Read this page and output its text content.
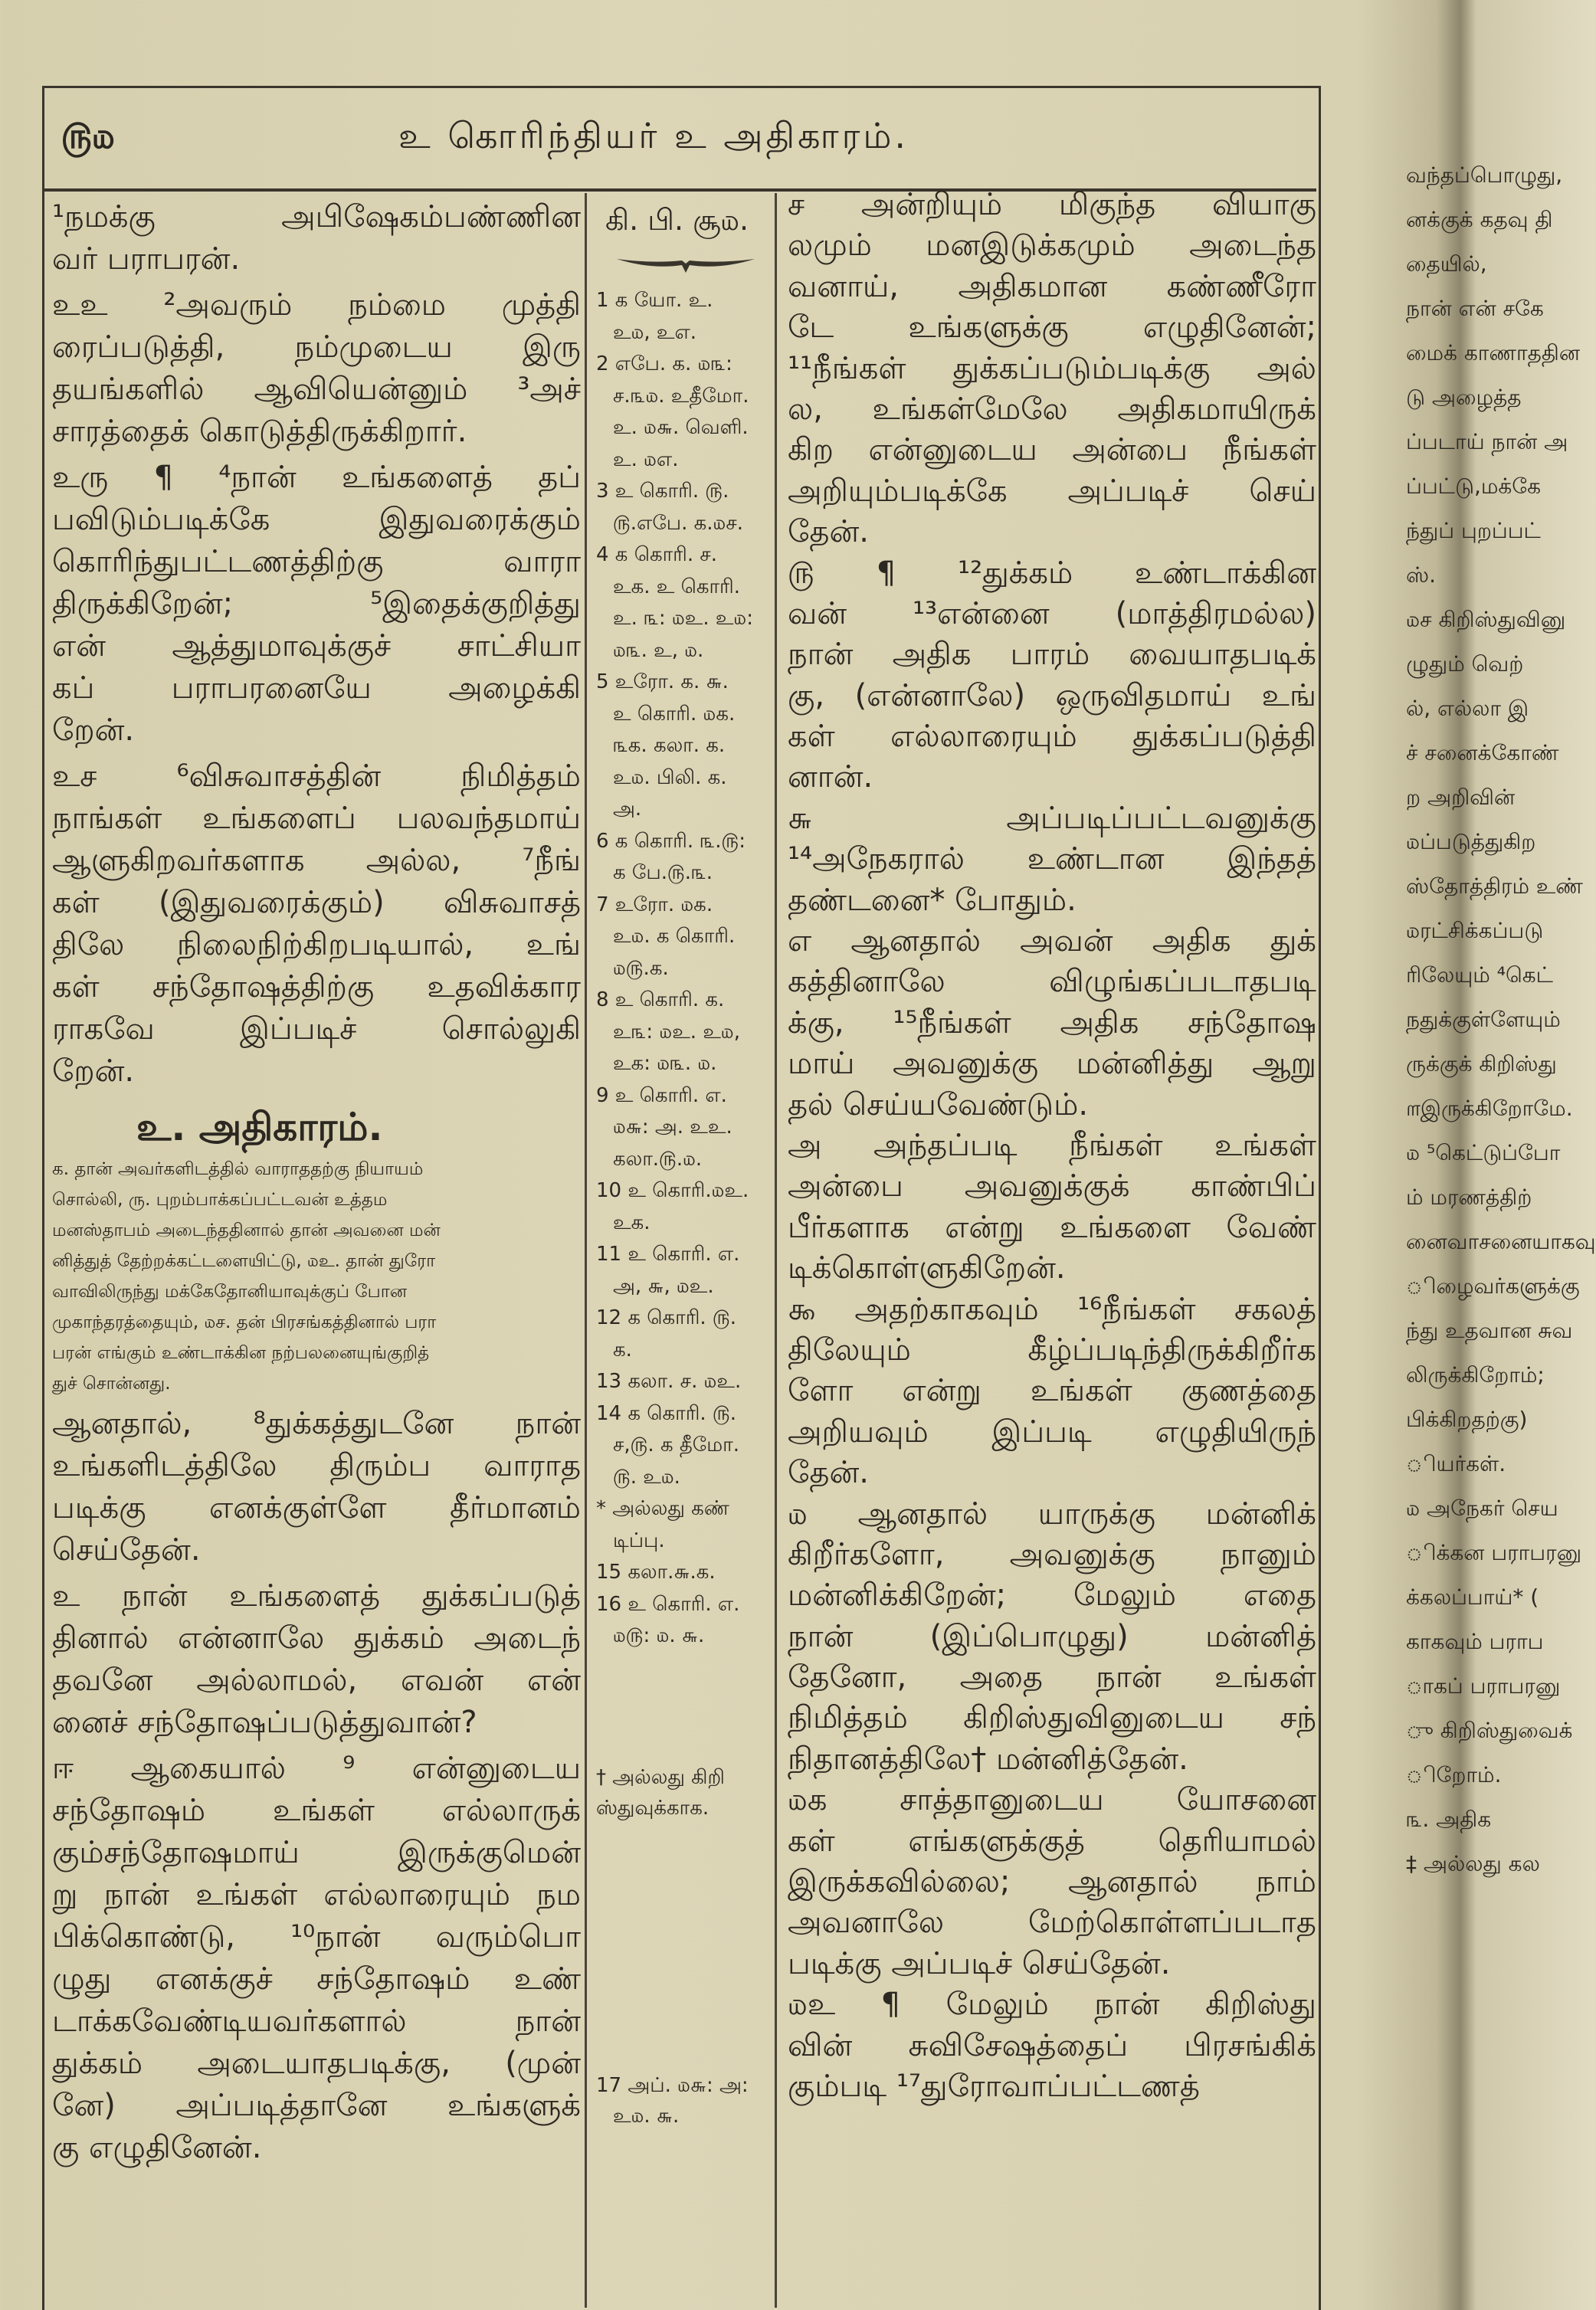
௫௰	உ கொரிந்தியர் உ அதிகாரம்.
¹நமக்கு அபிஷேகம்பண்ணின
வர் பராபரன்.
உஉ ²அவரும் நம்மை முத்தி
ரைப்படுத்தி, நம்முடைய இரு
தயங்களில் ஆவியென்னும் ³அச்
சாரத்தைக் கொடுத்திருக்கிறார்.
உரு ¶ ⁴நான் உங்களைத் தப்
பவிடும்படிக்கே இதுவரைக்கும்
கொரிந்துபட்டணத்திற்கு வாரா
திருக்கிறேன்; ⁵இதைக்குறித்து
என் ஆத்துமாவுக்குச் சாட்சியா
கப் பராபரனையே அழைக்கி
றேன்.
உச ⁶விசுவாசத்தின் நிமித்தம்
நாங்கள் உங்களைப் பலவந்தமாய்
ஆளுகிறவர்களாக அல்ல, ⁷நீங்
கள் (இதுவரைக்கும்) விசுவாசத்
திலே நிலைநிற்கிறபடியால், உங்
கள் சந்தோஷத்திற்கு உதவிக்கார
ராகவே இப்படிச் சொல்லுகி
றேன்.
உ. அதிகாரம்.
க. தான் அவர்களிடத்தில் வாராததற்கு நியாயம்
சொல்லி, ரு. புறம்பாக்கப்பட்டவன் உத்தம
மனஸ்தாபம் அடைந்ததினால் தான் அவனை மன்
னித்துத் தேற்றக்கட்டளையிட்டு, ௰உ. தான் துரோ
வாவிலிருந்து மக்கேதோனியாவுக்குப் போன
முகாந்தரத்தையும், ௰ச. தன் பிரசங்கத்தினால் பரா
பரன் எங்கும் உண்டாக்கின நற்பலனையுங்குறித்
துச் சொன்னது.
ஆனதால், ⁸துக்கத்துடனே நான்
உங்களிடத்திலே திரும்ப வாராத
படிக்கு எனக்குள்ளே தீர்மானம்
செய்தேன்.
உ நான் உங்களைத் துக்கப்படுத்
தினால் என்னாலே துக்கம் அடைந்
தவனே அல்லாமல், எவன் என்
னைச் சந்தோஷப்படுத்துவான்?
ஈ ஆகையால் ⁹ என்னுடைய
சந்தோஷம் உங்கள் எல்லாருக்
கும்சந்தோஷமாய் இருக்குமென்
று நான் உங்கள் எல்லாரையும் நம
பிக்கொண்டு, ¹⁰நான் வரும்பொ
ழுது எனக்குச் சந்தோஷம் உண்
டாக்கவேண்டியவர்களால் நான்
துக்கம் அடையாதபடிக்கு, (முன்
னே) அப்படித்தானே உங்களுக்
கு எழுதினேன்.
கி. பி. சூ௰.
1 க யோ. உ.
உ௰, உஎ.
2 எபே. க. ௰௩:
ச.௩௰. உதீமோ.
உ. ௰௬. வெளி.
உ. ௰எ.
3 உ கொரி. ௫.
௫.எபே. க.௰ச.
4 க கொரி. ச.
உக. உ கொரி.
உ. ௩: ௰உ. உ௰:
௰௩. உ, ௰.
5 உரோ. க. ௬.
உ கொரி. ௰க.
௩க. கலா. க.
உ௰. பிலி. க.
அ.
6 க கொரி. ௩.௫:
க பே.௫.௩.
7 உரோ. ௰க.
உ௰. க கொரி.
௰௫.க.
8 உ கொரி. க.
உ௩: ௰உ. உ௰,
உக: ௰௩. ௰.
9 உ கொரி. எ.
௰௬: அ. உஉ.
கலா.௫.௰.
10 உ கொரி.௰உ.
உக.
11 உ கொரி. எ.
அ, ௬, ௰உ.
12 க கொரி. ௫.
க.
13 கலா. ச. ௰உ.
14 க கொரி. ௫.
ச,௫. க தீமோ.
௫. உ௰.
* அல்லது கண்
டிப்பு.
15 கலா.௬.க.
16 உ கொரி. எ.
௰௫: ௰. ௬.
† அல்லது கிறி
ஸ்துவுக்காக.
17 அப். ௰௬: அ:
உ௰. ௬.
ச அன்றியும் மிகுந்த வியாகு
லமும் மனஇடுக்கமும் அடைந்த
வனாய், அதிகமான கண்ணீரோ
டே உங்களுக்கு எழுதினேன்;
¹¹நீங்கள் துக்கப்படும்படிக்கு அல்
ல, உங்கள்மேலே அதிகமாயிருக்
கிற என்னுடைய அன்பை நீங்கள்
அறியும்படிக்கே அப்படிச் செய்
தேன்.
௫ ¶ ¹²துக்கம் உண்டாக்கின
வன் ¹³என்னை (மாத்திரமல்ல)
நான் அதிக பாரம் வையாதபடிக்
கு, (என்னாலே) ஒருவிதமாய் உங்
கள் எல்லாரையும் துக்கப்படுத்தி
னான்.
௬ அப்படிப்பட்டவனுக்கு
¹⁴அநேகரால் உண்டான இந்தத்
தண்டனை* போதும்.
எ ஆனதால் அவன் அதிக துக்
கத்தினாலே விழுங்கப்படாதபடி
க்கு, ¹⁵நீங்கள் அதிக சந்தோஷ
மாய் அவனுக்கு மன்னித்து ஆறு
தல் செய்யவேண்டும்.
அ அந்தப்படி நீங்கள் உங்கள்
அன்பை அவனுக்குக் காண்பிப்
பீர்களாக என்று உங்களை வேண்
டிக்கொள்ளுகிறேன்.
௯ அதற்காகவும் ¹⁶நீங்கள் சகலத்
திலேயும் கீழ்ப்படிந்திருக்கிறீர்க
ளோ என்று உங்கள் குணத்தை
அறியவும் இப்படி எழுதியிருந்
தேன்.
௰ ஆனதால் யாருக்கு மன்னிக்
கிறீர்களோ, அவனுக்கு நானும்
மன்னிக்கிறேன்; மேலும் எதை
நான் (இப்பொழுது) மன்னித்
தேனோ, அதை நான் உங்கள்
நிமித்தம் கிறிஸ்துவினுடைய சந்
நிதானத்திலே† மன்னித்தேன்.
௰க சாத்தானுடைய யோசனை
கள் எங்களுக்குத் தெரியாமல்
இருக்கவில்லை; ஆனதால் நாம்
அவனாலே மேற்கொள்ளப்படாத
படிக்கு அப்படிச் செய்தேன்.
௰உ ¶ மேலும் நான் கிறிஸ்து
வின் சுவிசேஷத்தைப் பிரசங்கிக்
கும்படி ¹⁷துரோவாப்பட்டணத்
வந்தப்பொழுது,
னக்குக் கதவு தி
தையில்,
நான் என் சகே
மைக் காணாததின
டு அழைத்த
ப்படாய் நான் அ
ப்பட்டு,மக்கே
ந்துப் புறப்பட்
ஸ்.
௰ச கிறிஸ்துவினு
ழுதும் வெற்
ல், எல்லா இ
ச் சனைக்கோண்
ற அறிவின்
௰ப்படுத்துகிற
ஸ்தோத்திரம் உண்
௰ரட்சிக்கப்படு
ரிலேயும் ⁴கெட்
நதுக்குள்ளேயும்
ருக்குக் கிறிஸ்து
௱இருக்கிறோமே.
௰ ⁵கெட்டுப்போ
ம் மரணத்திற்
னைவாசனையாகவு
ிழைவர்களுக்கு
ந்து உதவான சுவ
லிருக்கிறோம்;
பிக்கிறதற்கு)
ியர்கள்.
௰ அநேகர் செய
ிக்கன பராபரனு
க்கலப்பாய்* (
காகவும் பராப
ாகப் பராபரனு
ு கிறிஸ்துவைக்
ிறோம்.
௩. அதிக
‡ அல்லது கல
